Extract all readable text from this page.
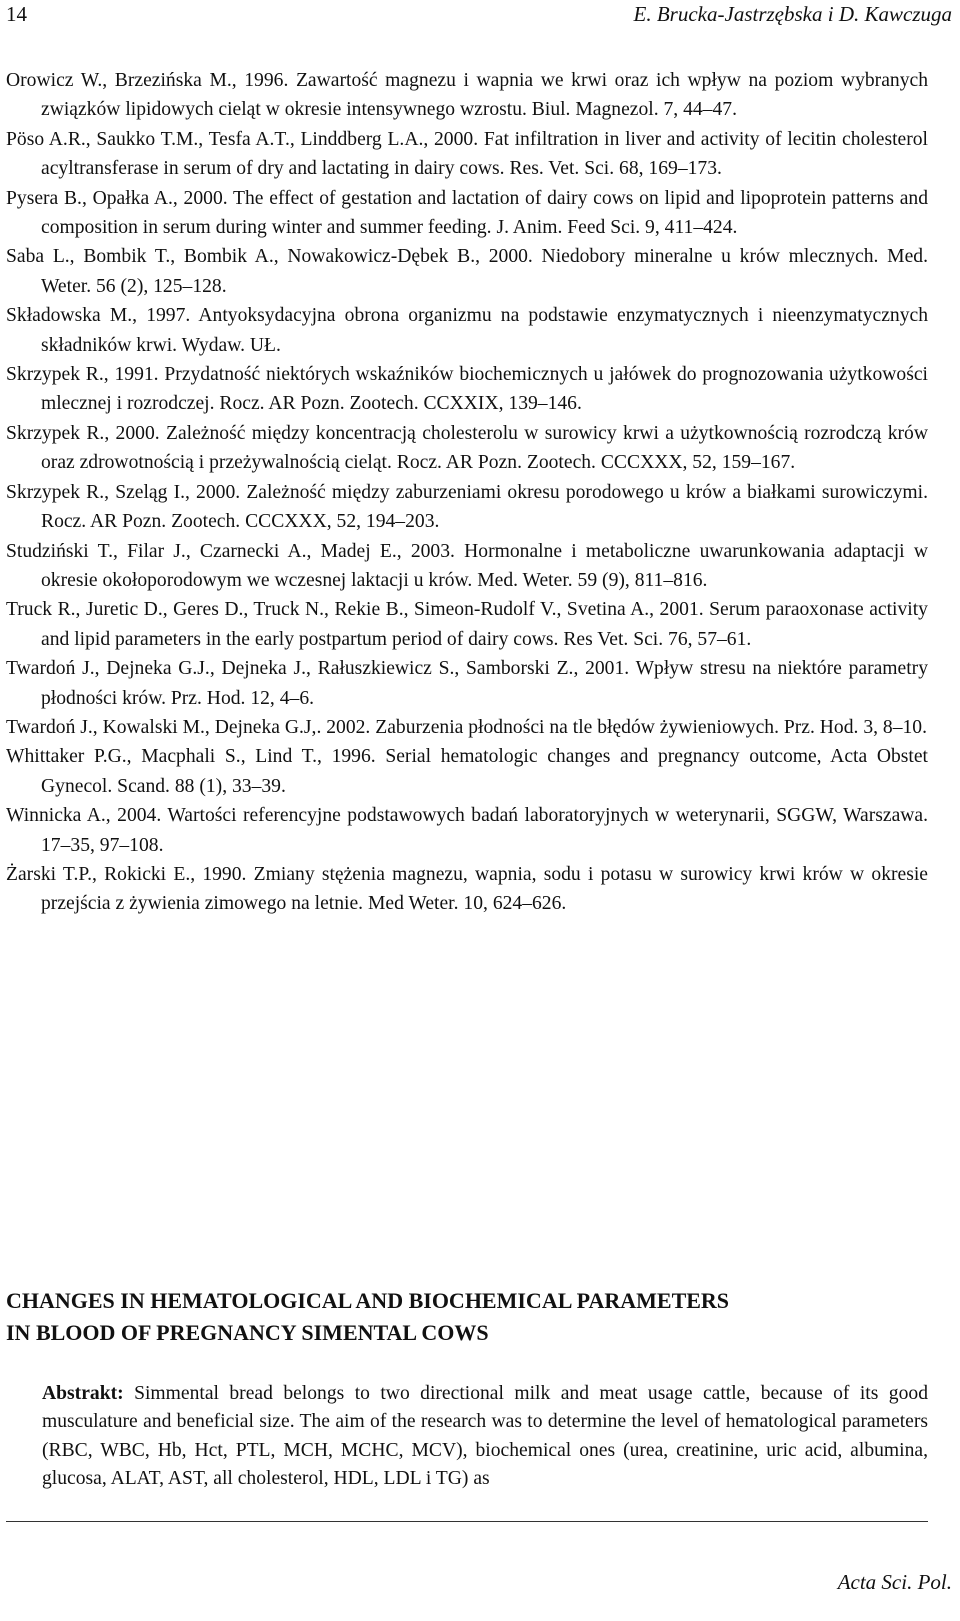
14	E. Brucka-Jastrzębska i D. Kawczuga

Orowicz W., Brzezińska M., 1996. Zawartość magnezu i wapnia we krwi oraz ich wpływ na poziom wybranych związków lipidowych cieląt w okresie intensywnego wzrostu. Biul. Magnezol. 7, 44–47.

Pöso A.R., Saukko T.M., Tesfa A.T., Linddberg L.A., 2000. Fat infiltration in liver and activity of lecitin cholesterol acyltransferase in serum of dry and lactating in dairy cows. Res. Vet. Sci. 68, 169–173.

Pysera B., Opałka A., 2000. The effect of gestation and lactation of dairy cows on lipid and lipoprotein patterns and composition in serum during winter and summer feeding. J. Anim. Feed Sci. 9, 411–424.

Saba L., Bombik T., Bombik A., Nowakowicz-Dębek B., 2000. Niedobory mineralne u krów mlecznych. Med. Weter. 56 (2), 125–128.

Składowska M., 1997. Antyoksydacyjna obrona organizmu na podstawie enzymatycznych i nieenzymatycznych składników krwi. Wydaw. UŁ.

Skrzypek R., 1991. Przydatność niektórych wskaźników biochemicznych u jałówek do prognozowania użytkowości mlecznej i rozrodczej. Rocz. AR Pozn. Zootech. CCXXIX, 139–146.

Skrzypek R., 2000. Zależność między koncentracją cholesterolu w surowicy krwi a użytkownością rozrodczą krów oraz zdrowotnością i przeżywalnością cieląt. Rocz. AR Pozn. Zootech. CCCXXX, 52, 159–167.

Skrzypek R., Szeląg I., 2000. Zależność między zaburzeniami okresu porodowego u krów a białkami surowiczymi. Rocz. AR Pozn. Zootech. CCCXXX, 52, 194–203.

Studziński T., Filar J., Czarnecki A., Madej E., 2003. Hormonalne i metaboliczne uwarunkowania adaptacji w okresie okołoporodowym we wczesnej laktacji u krów. Med. Weter. 59 (9), 811–816.

Truck R., Juretic D., Geres D., Truck N., Rekie B., Simeon-Rudolf V., Svetina A., 2001. Serum paraoxonase activity and lipid parameters in the early postpartum period of dairy cows. Res Vet. Sci. 76, 57–61.

Twardoń J., Dejneka G.J., Dejneka J., Rałuszkiewicz S., Samborski Z., 2001. Wpływ stresu na niektóre parametry płodności krów. Prz. Hod. 12, 4–6.

Twardoń J., Kowalski M., Dejneka G.J,. 2002. Zaburzenia płodności na tle błędów żywieniowych. Prz. Hod. 3, 8–10.

Whittaker P.G., Macphali S., Lind T., 1996. Serial hematologic changes and pregnancy outcome, Acta Obstet Gynecol. Scand. 88 (1), 33–39.

Winnicka A., 2004. Wartości referencyjne podstawowych badań laboratoryjnych w weterynarii, SGGW, Warszawa. 17–35, 97–108.

Żarski T.P., Rokicki E., 1990. Zmiany stężenia magnezu, wapnia, sodu i potasu w surowicy krwi krów w okresie przejścia z żywienia zimowego na letnie. Med Weter. 10, 624–626.

CHANGES IN HEMATOLOGICAL AND BIOCHEMICAL PARAMETERS
IN BLOOD OF PREGNANCY SIMENTAL COWS

Abstrakt: Simmental bread belongs to two directional milk and meat usage cattle, because of its good musculature and beneficial size. The aim of the research was to determine the level of hematological parameters (RBC, WBC, Hb, Hct, PTL, MCH, MCHC, MCV), biochemical ones (urea, creatinine, uric acid, albumina, glucosa, ALAT, AST, all cholesterol, HDL, LDL i TG) as

Acta Sci. Pol.
